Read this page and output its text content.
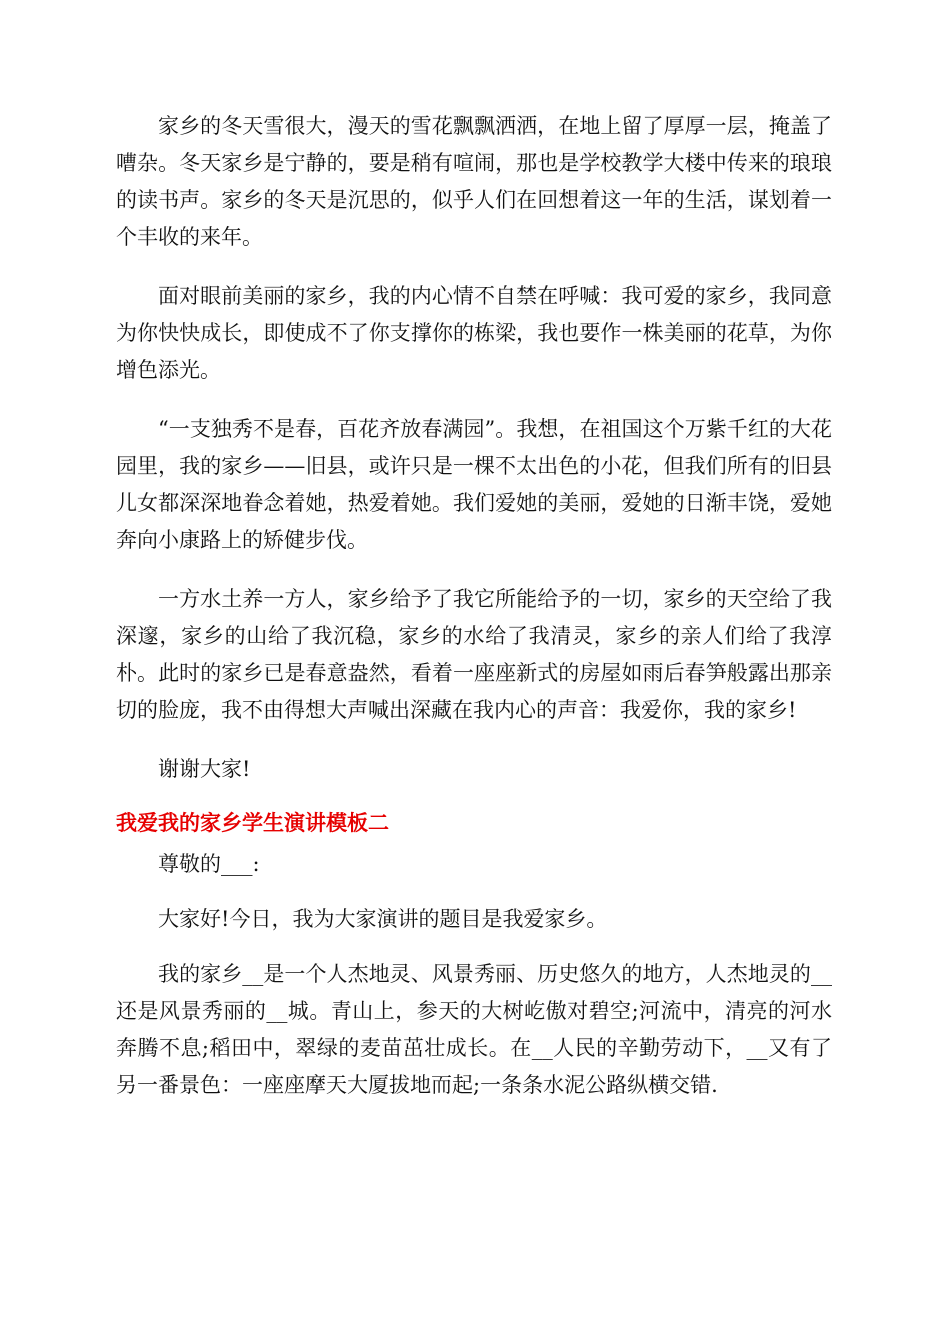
家乡的冬天雪很大，漫天的雪花飘飘洒洒，在地上留了厚厚一层，掩盖了嘈杂。冬天家乡是宁静的，要是稍有喧闹，那也是学校教学大楼中传来的琅琅的读书声。家乡的冬天是沉思的，似乎人们在回想着这一年的生活，谋划着一个丰收的来年。

面对眼前美丽的家乡，我的内心情不自禁在呼喊：我可爱的家乡，我同意为你快快成长，即使成不了你支撑你的栋梁，我也要作一株美丽的花草，为你增色添光。

“一支独秀不是春，百花齐放春满园”。我想，在祖国这个万紫千红的大花园里，我的家乡——旧县，或许只是一棵不太出色的小花，但我们所有的旧县儿女都深深地眷念着她，热爱着她。我们爱她的美丽，爱她的日渐丰饶，爱她奔向小康路上的矫健步伐。

一方水土养一方人，家乡给予了我它所能给予的一切，家乡的天空给了我深邃，家乡的山给了我沉稳，家乡的水给了我清灵，家乡的亲人们给了我淳朴。此时的家乡已是春意盎然，看着一座座新式的房屋如雨后春笋般露出那亲切的脸庞，我不由得想大声喊出深藏在我内心的声音：我爱你，我的家乡!

谢谢大家!

我爱我的家乡学生演讲模板二

尊敬的___:

大家好!今日，我为大家演讲的题目是我爱家乡。

我的家乡__是一个人杰地灵、风景秀丽、历史悠久的地方，人杰地灵的__还是风景秀丽的__城。青山上，参天的大树屹傲对碧空;河流中，清亮的河水奔腾不息;稻田中，翠绿的麦苗茁壮成长。在__人民的辛勤劳动下，__又有了另一番景色：一座座摩天大厦拔地而起;一条条水泥公路纵横交错.
